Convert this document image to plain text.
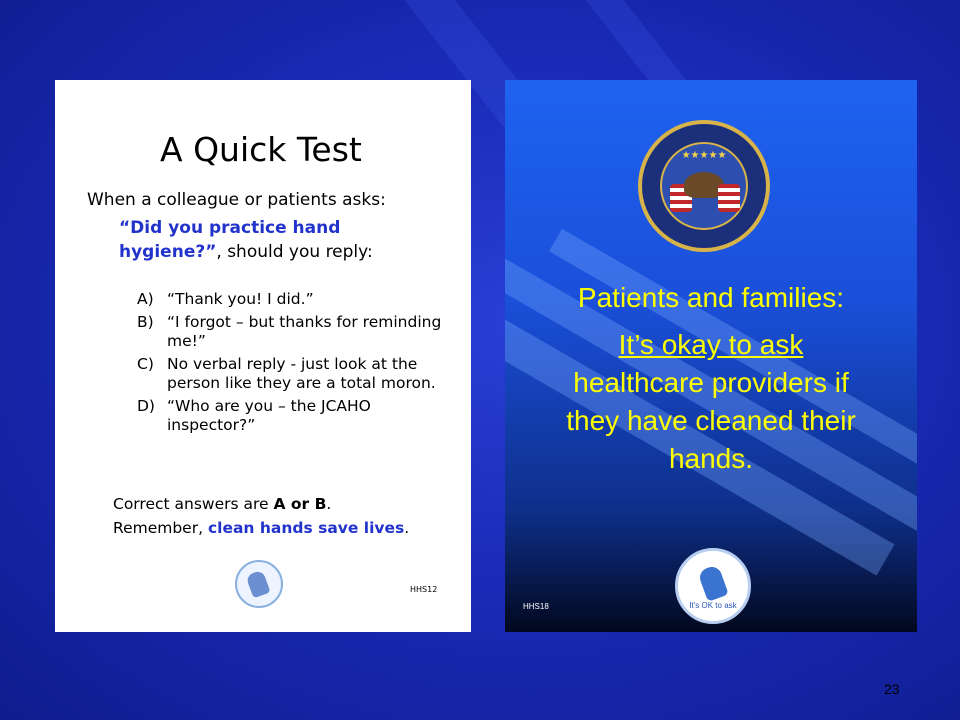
A Quick Test
When a colleague or patients asks:
“Did you practice hand hygiene?”, should you reply:
A) “Thank you! I did.”
B) “I forgot – but thanks for reminding me!”
C) No verbal reply - just look at the person like they are a total moron.
D) “Who are you – the JCAHO inspector?”
Correct answers are A or B.
Remember, clean hands save lives.
HHS12
★★★★★
Patients and families:
It’s okay to ask
healthcare providers if they have cleaned their hands.
It's OK to ask
HHS18
23
